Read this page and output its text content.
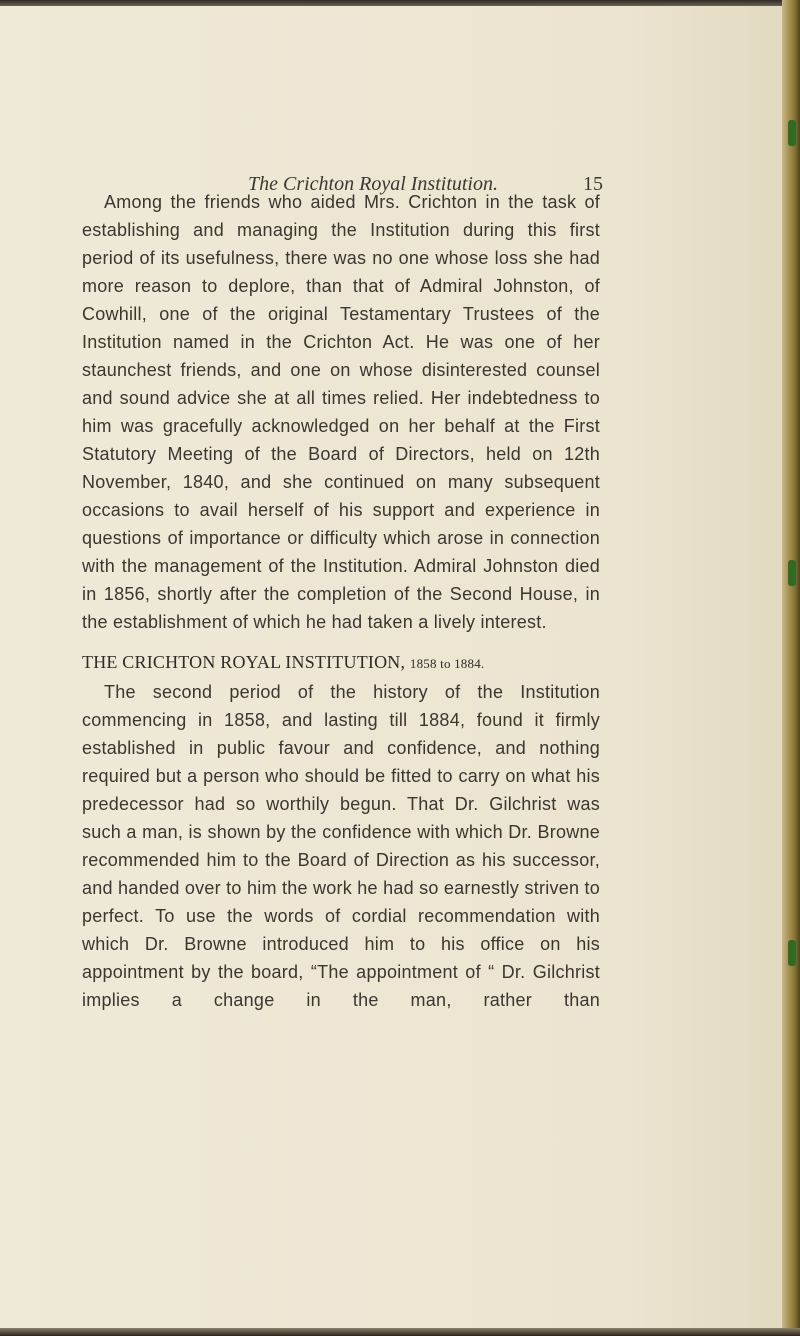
The Crichton Royal Institution.	15

Among the friends who aided Mrs. Crichton in the task of establishing and managing the Institution during this first period of its usefulness, there was no one whose loss she had more reason to deplore, than that of Admiral Johnston, of Cowhill, one of the original Testamentary Trustees of the Institution named in the Crichton Act. He was one of her staunchest friends, and one on whose disinterested counsel and sound advice she at all times relied. Her indebtedness to him was gracefully acknowledged on her behalf at the First Statutory Meeting of the Board of Directors, held on 12th November, 1840, and she continued on many subsequent occasions to avail herself of his support and experience in questions of importance or difficulty which arose in connection with the management of the Institution. Admiral Johnston died in 1856, shortly after the completion of the Second House, in the establishment of which he had taken a lively interest.

THE CRICHTON ROYAL INSTITUTION, 1858 to 1884.

The second period of the history of the Institution commencing in 1858, and lasting till 1884, found it firmly established in public favour and confidence, and nothing required but a person who should be fitted to carry on what his predecessor had so worthily begun. That Dr. Gilchrist was such a man, is shown by the confidence with which Dr. Browne recommended him to the Board of Direction as his successor, and handed over to him the work he had so earnestly striven to perfect. To use the words of cordial recommendation with which Dr. Browne introduced him to his office on his appointment by the board, “The appointment of “ Dr. Gilchrist implies a change in the man, rather than
